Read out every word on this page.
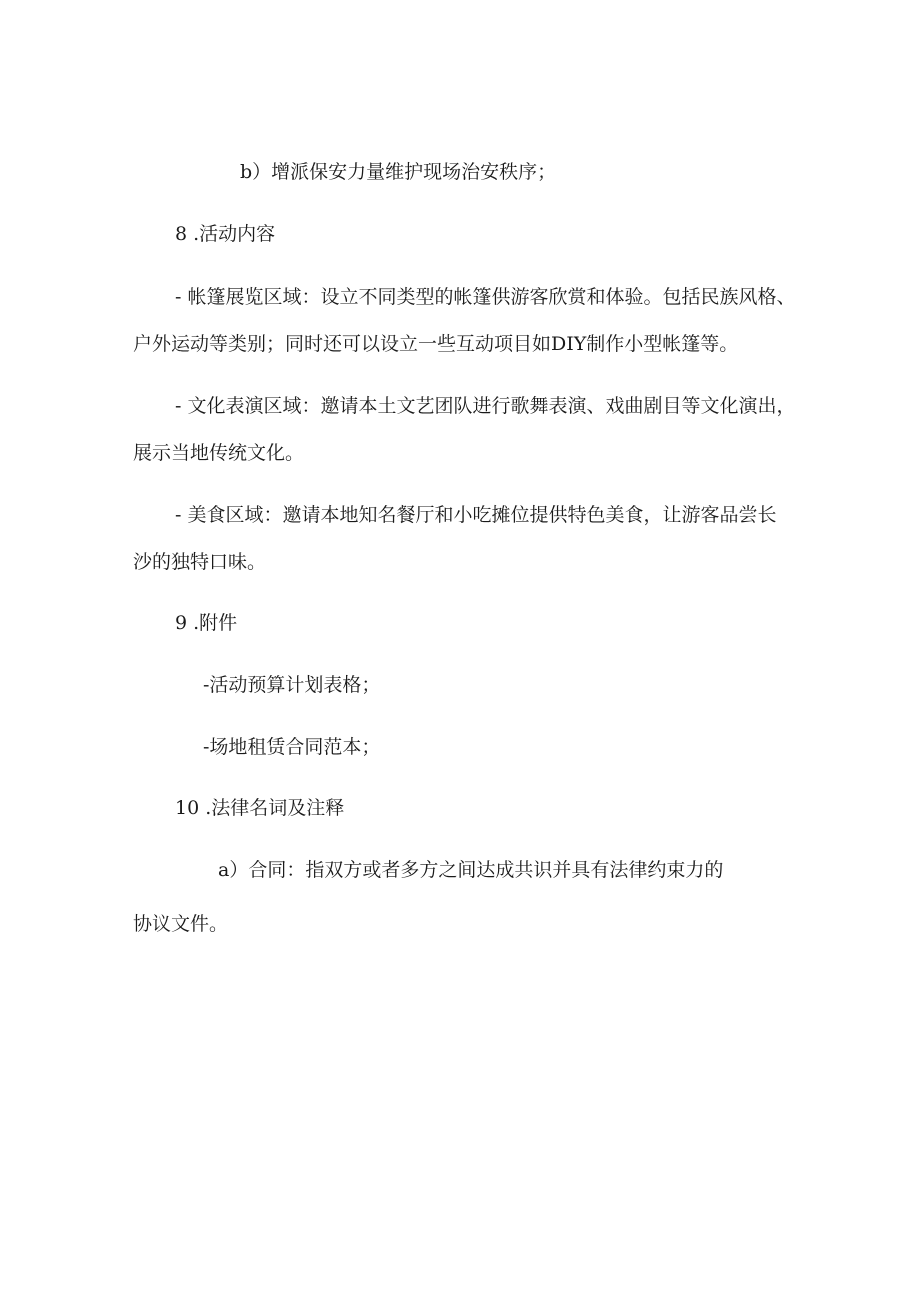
b）增派保安力量维护现场治安秩序；

8 .活动内容

- 帐篷展览区域：设立不同类型的帐篷供游客欣赏和体验。包括民族风格、

户外运动等类别；同时还可以设立一些互动项目如DIY制作小型帐篷等。

- 文化表演区域：邀请本土文艺团队进行歌舞表演、戏曲剧目等文化演出，

展示当地传统文化。

- 美食区域：邀请本地知名餐厅和小吃摊位提供特色美食，让游客品尝长

沙的独特口味。

9 .附件

-活动预算计划表格；

-场地租赁合同范本；

10 .法律名词及注释

a）合同：指双方或者多方之间达成共识并具有法律约束力的

协议文件。
